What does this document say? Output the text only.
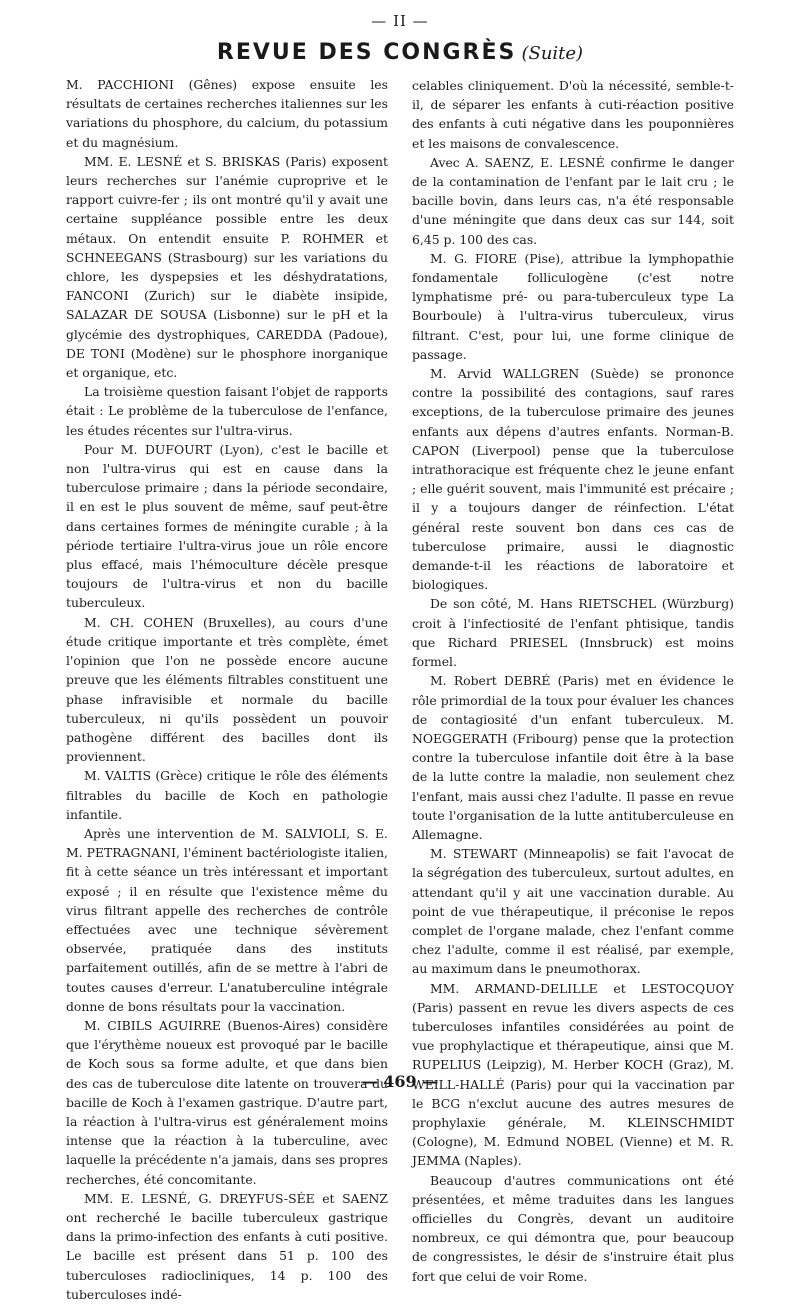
— II —
REVUE DES CONGRÈS (Suite)

M. PACCHIONI (Gênes) expose ensuite les résultats de certaines recherches italiennes sur les variations du phosphore, du calcium, du potassium et du magnésium.

MM. E. LESNÉ et S. BRISKAS (Paris) exposent leurs recherches sur l'anémie cuproprive et le rapport cuivre-fer ; ils ont montré qu'il y avait une certaine suppléance possible entre les deux métaux. On entendit ensuite P. ROHMER et SCHNEEGANS (Strasbourg) sur les variations du chlore, les dyspepsies et les déshydratations, FANCONI (Zurich) sur le diabète insipide, SALAZAR DE SOUSA (Lisbonne) sur le pH et la glycémie des dystrophiques, CAREDDA (Padoue), DE TONI (Modène) sur le phosphore inorganique et organique, etc.

La troisième question faisant l'objet de rapports était : Le problème de la tuberculose de l'enfance, les études récentes sur l'ultra-virus.

Pour M. DUFOURT (Lyon), c'est le bacille et non l'ultra-virus qui est en cause dans la tuberculose primaire ; dans la période secondaire, il en est le plus souvent de même, sauf peut-être dans certaines formes de méningite curable ; à la période tertiaire l'ultra-virus joue un rôle encore plus effacé, mais l'hémoculture décèle presque toujours de l'ultra-virus et non du bacille tuberculeux.

M. CH. COHEN (Bruxelles), au cours d'une étude critique importante et très complète, émet l'opinion que l'on ne possède encore aucune preuve que les éléments filtrables constituent une phase infravisible et normale du bacille tuberculeux, ni qu'ils possèdent un pouvoir pathogène différent des bacilles dont ils proviennent.

M. VALTIS (Grèce) critique le rôle des éléments filtrables du bacille de Koch en pathologie infantile.

Après une intervention de M. SALVIOLI, S. E. M. PETRAGNANI, l'éminent bactériologiste italien, fit à cette séance un très intéressant et important exposé ; il en résulte que l'existence même du virus filtrant appelle des recherches de contrôle effectuées avec une technique sévèrement observée, pratiquée dans des instituts parfaitement outillés, afin de se mettre à l'abri de toutes causes d'erreur. L'anatuberculine intégrale donne de bons résultats pour la vaccination.

M. CIBILS AGUIRRE (Buenos-Aires) considère que l'érythème noueux est provoqué par le bacille de Koch sous sa forme adulte, et que dans bien des cas de tuberculose dite latente on trouvera du bacille de Koch à l'examen gastrique. D'autre part, la réaction à l'ultra-virus est généralement moins intense que la réaction à la tuberculine, avec laquelle la précédente n'a jamais, dans ses propres recherches, été concomitante.

MM. E. LESNÉ, G. DREYFUS-SÉE et SAENZ ont recherché le bacille tuberculeux gastrique dans la primo-infection des enfants à cuti positive. Le bacille est présent dans 51 p. 100 des tuberculoses radiocliniques, 14 p. 100 des tuberculoses indé-

celables cliniquement. D'où la nécessité, semble-t-il, de séparer les enfants à cuti-réaction positive des enfants à cuti négative dans les pouponnières et les maisons de convalescence.

Avec A. SAENZ, E. LESNÉ confirme le danger de la contamination de l'enfant par le lait cru ; le bacille bovin, dans leurs cas, n'a été responsable d'une méningite que dans deux cas sur 144, soit 6,45 p. 100 des cas.

M. G. FIORE (Pise), attribue la lymphopathie fondamentale folliculogène (c'est notre lymphatisme pré- ou para-tuberculeux type La Bourboule) à l'ultra-virus tuberculeux, virus filtrant. C'est, pour lui, une forme clinique de passage.

M. Arvid WALLGREN (Suède) se prononce contre la possibilité des contagions, sauf rares exceptions, de la tuberculose primaire des jeunes enfants aux dépens d'autres enfants. Norman-B. CAPON (Liverpool) pense que la tuberculose intrathoracique est fréquente chez le jeune enfant ; elle guérit souvent, mais l'immunité est précaire ; il y a toujours danger de réinfection. L'état général reste souvent bon dans ces cas de tuberculose primaire, aussi le diagnostic demande-t-il les réactions de laboratoire et biologiques.

De son côté, M. Hans RIETSCHEL (Würzburg) croit à l'infectiosité de l'enfant phtisique, tandis que Richard PRIESEL (Innsbruck) est moins formel.

M. Robert DEBRÉ (Paris) met en évidence le rôle primordial de la toux pour évaluer les chances de contagiosité d'un enfant tuberculeux. M. NOEGGERATH (Fribourg) pense que la protection contre la tuberculose infantile doit être à la base de la lutte contre la maladie, non seulement chez l'enfant, mais aussi chez l'adulte. Il passe en revue toute l'organisation de la lutte antituberculeuse en Allemagne.

M. STEWART (Minneapolis) se fait l'avocat de la ségrégation des tuberculeux, surtout adultes, en attendant qu'il y ait une vaccination durable. Au point de vue thérapeutique, il préconise le repos complet de l'organe malade, chez l'enfant comme chez l'adulte, comme il est réalisé, par exemple, au maximum dans le pneumothorax.

MM. ARMAND-DELILLE et LESTOCQUOY (Paris) passent en revue les divers aspects de ces tuberculoses infantiles considérées au point de vue prophylactique et thérapeutique, ainsi que M. RUPELIUS (Leipzig), M. Herber KOCH (Graz), M. WEILL-HALLÉ (Paris) pour qui la vaccination par le BCG n'exclut aucune des autres mesures de prophylaxie générale, M. KLEINSCHMIDT (Cologne), M. Edmund NOBEL (Vienne) et M. R. JEMMA (Naples).

Beaucoup d'autres communications ont été présentées, et même traduites dans les langues officielles du Congrès, devant un auditoire nombreux, ce qui démontra que, pour beaucoup de congressistes, le désir de s'instruire était plus fort que celui de voir Rome.

— 469 —
